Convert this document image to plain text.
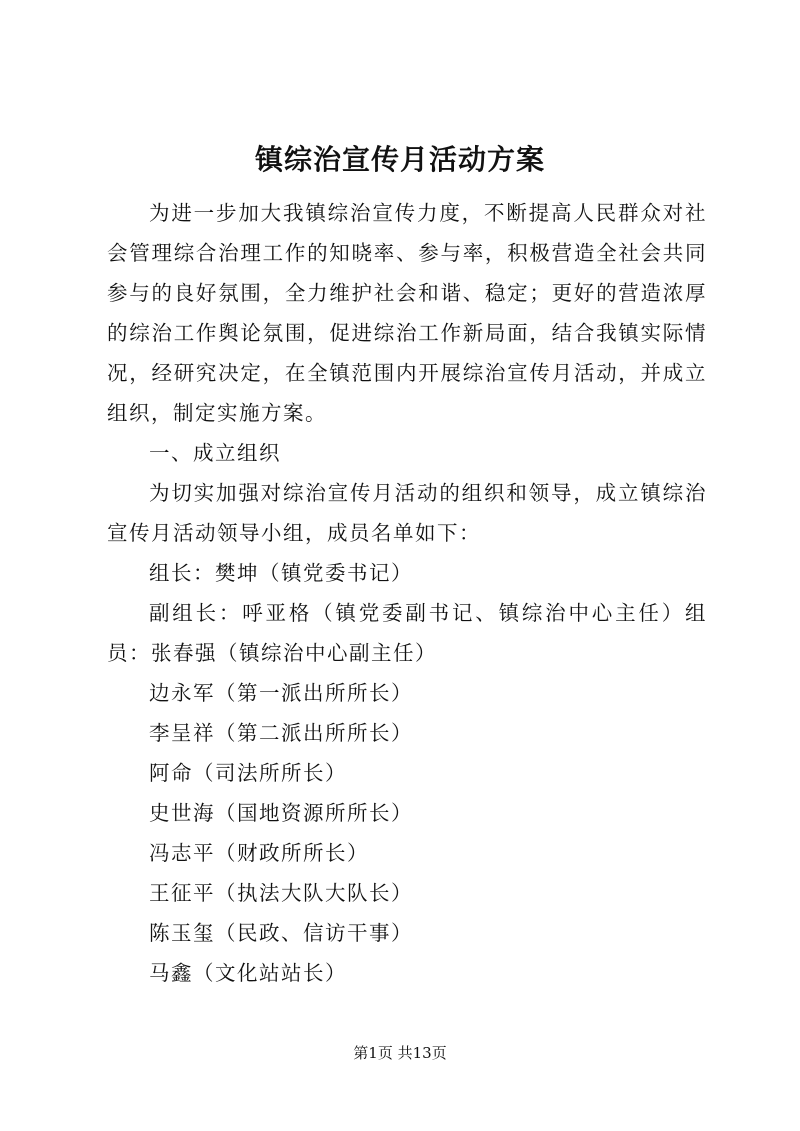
镇综治宣传月活动方案

为进一步加大我镇综治宣传力度，不断提高人民群众对社会管理综合治理工作的知晓率、参与率，积极营造全社会共同参与的良好氛围，全力维护社会和谐、稳定；更好的营造浓厚的综治工作舆论氛围，促进综治工作新局面，结合我镇实际情况，经研究决定，在全镇范围内开展综治宣传月活动，并成立组织，制定实施方案。

一、成立组织

为切实加强对综治宣传月活动的组织和领导，成立镇综治宣传月活动领导小组，成员名单如下：

组长：樊坤（镇党委书记）

副组长：呼亚格（镇党委副书记、镇综治中心主任）组员：张春强（镇综治中心副主任）

边永军（第一派出所所长）

李呈祥（第二派出所所长）

阿命（司法所所长）

史世海（国地资源所所长）

冯志平（财政所所长）

王征平（执法大队大队长）

陈玉玺（民政、信访干事）

马鑫（文化站站长）

第1页 共13页
